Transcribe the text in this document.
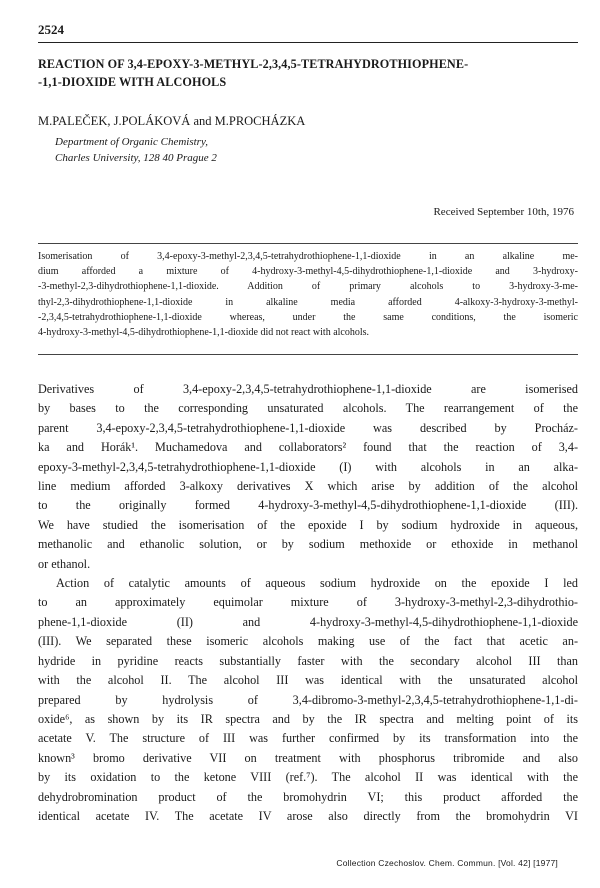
2524
REACTION OF 3,4-EPOXY-3-METHYL-2,3,4,5-TETRAHYDROTHIOPHENE-
-1,1-DIOXIDE WITH ALCOHOLS
M.PALEČEK, J.POLÁKOVÁ and M.PROCHÁZKA
Department of Organic Chemistry,
Charles University, 128 40 Prague 2
Received September 10th, 1976
Isomerisation of 3,4-epoxy-3-methyl-2,3,4,5-tetrahydrothiophene-1,1-dioxide in an alkaline me-
dium afforded a mixture of 4-hydroxy-3-methyl-4,5-dihydrothiophene-1,1-dioxide and 3-hydroxy-
-3-methyl-2,3-dihydrothiophene-1,1-dioxide. Addition of primary alcohols to 3-hydroxy-3-me-
thyl-2,3-dihydrothiophene-1,1-dioxide in alkaline media afforded 4-alkoxy-3-hydroxy-3-methyl-
-2,3,4,5-tetrahydrothiophene-1,1-dioxide whereas, under the same conditions, the isomeric
4-hydroxy-3-methyl-4,5-dihydrothiophene-1,1-dioxide did not react with alcohols.
Derivatives of 3,4-epoxy-2,3,4,5-tetrahydrothiophene-1,1-dioxide are isomerised
by bases to the corresponding unsaturated alcohols. The rearrangement of the
parent 3,4-epoxy-2,3,4,5-tetrahydrothiophene-1,1-dioxide was described by Procház-
ka and Horák¹. Muchamedova and collaborators² found that the reaction of 3,4-
epoxy-3-methyl-2,3,4,5-tetrahydrothiophene-1,1-dioxide (I) with alcohols in an alka-
line medium afforded 3-alkoxy derivatives X which arise by addition of the alcohol
to the originally formed 4-hydroxy-3-methyl-4,5-dihydrothiophene-1,1-dioxide (III).
We have studied the isomerisation of the epoxide I by sodium hydroxide in aqueous,
methanolic and ethanolic solution, or by sodium methoxide or ethoxide in methanol
or ethanol.
Action of catalytic amounts of aqueous sodium hydroxide on the epoxide I led
to an approximately equimolar mixture of 3-hydroxy-3-methyl-2,3-dihydrothio-
phene-1,1-dioxide (II) and 4-hydroxy-3-methyl-4,5-dihydrothiophene-1,1-dioxide
(III). We separated these isomeric alcohols making use of the fact that acetic an-
hydride in pyridine reacts substantially faster with the secondary alcohol III than
with the alcohol II. The alcohol III was identical with the unsaturated alcohol
prepared by hydrolysis of 3,4-dibromo-3-methyl-2,3,4,5-tetrahydrothiophene-1,1-di-
oxide⁶, as shown by its IR spectra and by the IR spectra and melting point of its
acetate V. The structure of III was further confirmed by its transformation into the
known³ bromo derivative VII on treatment with phosphorus tribromide and also
by its oxidation to the ketone VIII (ref.⁷). The alcohol II was identical with the
dehydrobromination product of the bromohydrin VI; this product afforded the
identical acetate IV. The acetate IV arose also directly from the bromohydrin VI
Collection Czechoslov. Chem. Commun. [Vol. 42] [1977]
